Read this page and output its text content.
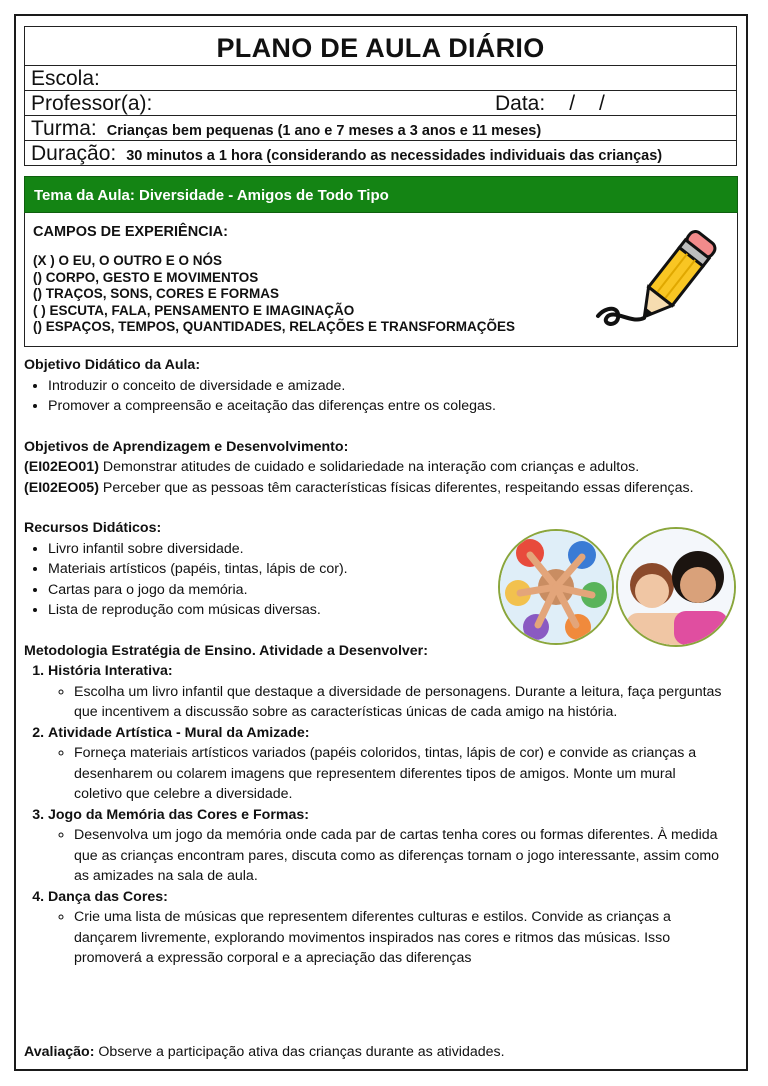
PLANO DE AULA DIÁRIO
Escola:
Professor(a):	Data: / /
Turma: Crianças bem pequenas (1 ano e 7 meses a 3 anos e 11 meses)
Duração: 30 minutos a 1 hora (considerando as necessidades individuais das crianças)
Tema da Aula: Diversidade - Amigos de Todo Tipo
CAMPOS DE EXPERIÊNCIA:
(X ) O EU, O OUTRO E O NÓS
() CORPO, GESTO E MOVIMENTOS
() TRAÇOS, SONS, CORES E FORMAS
( ) ESCUTA, FALA, PENSAMENTO E IMAGINAÇÃO
() ESPAÇOS, TEMPOS, QUANTIDADES, RELAÇÕES E TRANSFORMAÇÕES
Objetivo Didático da Aula:
• Introduzir o conceito de diversidade e amizade.
• Promover a compreensão e aceitação das diferenças entre os colegas.
Objetivos de Aprendizagem e Desenvolvimento:
(EI02EO01) Demonstrar atitudes de cuidado e solidariedade na interação com crianças e adultos.
(EI02EO05) Perceber que as pessoas têm características físicas diferentes, respeitando essas diferenças.
Recursos Didáticos:
• Livro infantil sobre diversidade.
• Materiais artísticos (papéis, tintas, lápis de cor).
• Cartas para o jogo da memória.
• Lista de reprodução com músicas diversas.
Metodologia Estratégia de Ensino. Atividade a Desenvolver:
1. História Interativa:
◦ Escolha um livro infantil que destaque a diversidade de personagens. Durante a leitura, faça perguntas que incentivem a discussão sobre as características únicas de cada amigo na história.
2. Atividade Artística - Mural da Amizade:
◦ Forneça materiais artísticos variados (papéis coloridos, tintas, lápis de cor) e convide as crianças a desenharem ou colarem imagens que representem diferentes tipos de amigos. Monte um mural coletivo que celebre a diversidade.
3. Jogo da Memória das Cores e Formas:
◦ Desenvolva um jogo da memória onde cada par de cartas tenha cores ou formas diferentes. À medida que as crianças encontram pares, discuta como as diferenças tornam o jogo interessante, assim como as amizades na sala de aula.
4. Dança das Cores:
◦ Crie uma lista de músicas que representem diferentes culturas e estilos. Convide as crianças a dançarem livremente, explorando movimentos inspirados nas cores e ritmos das músicas. Isso promoverá a expressão corporal e a apreciação das diferenças
Avaliação: Observe a participação ativa das crianças durante as atividades.
